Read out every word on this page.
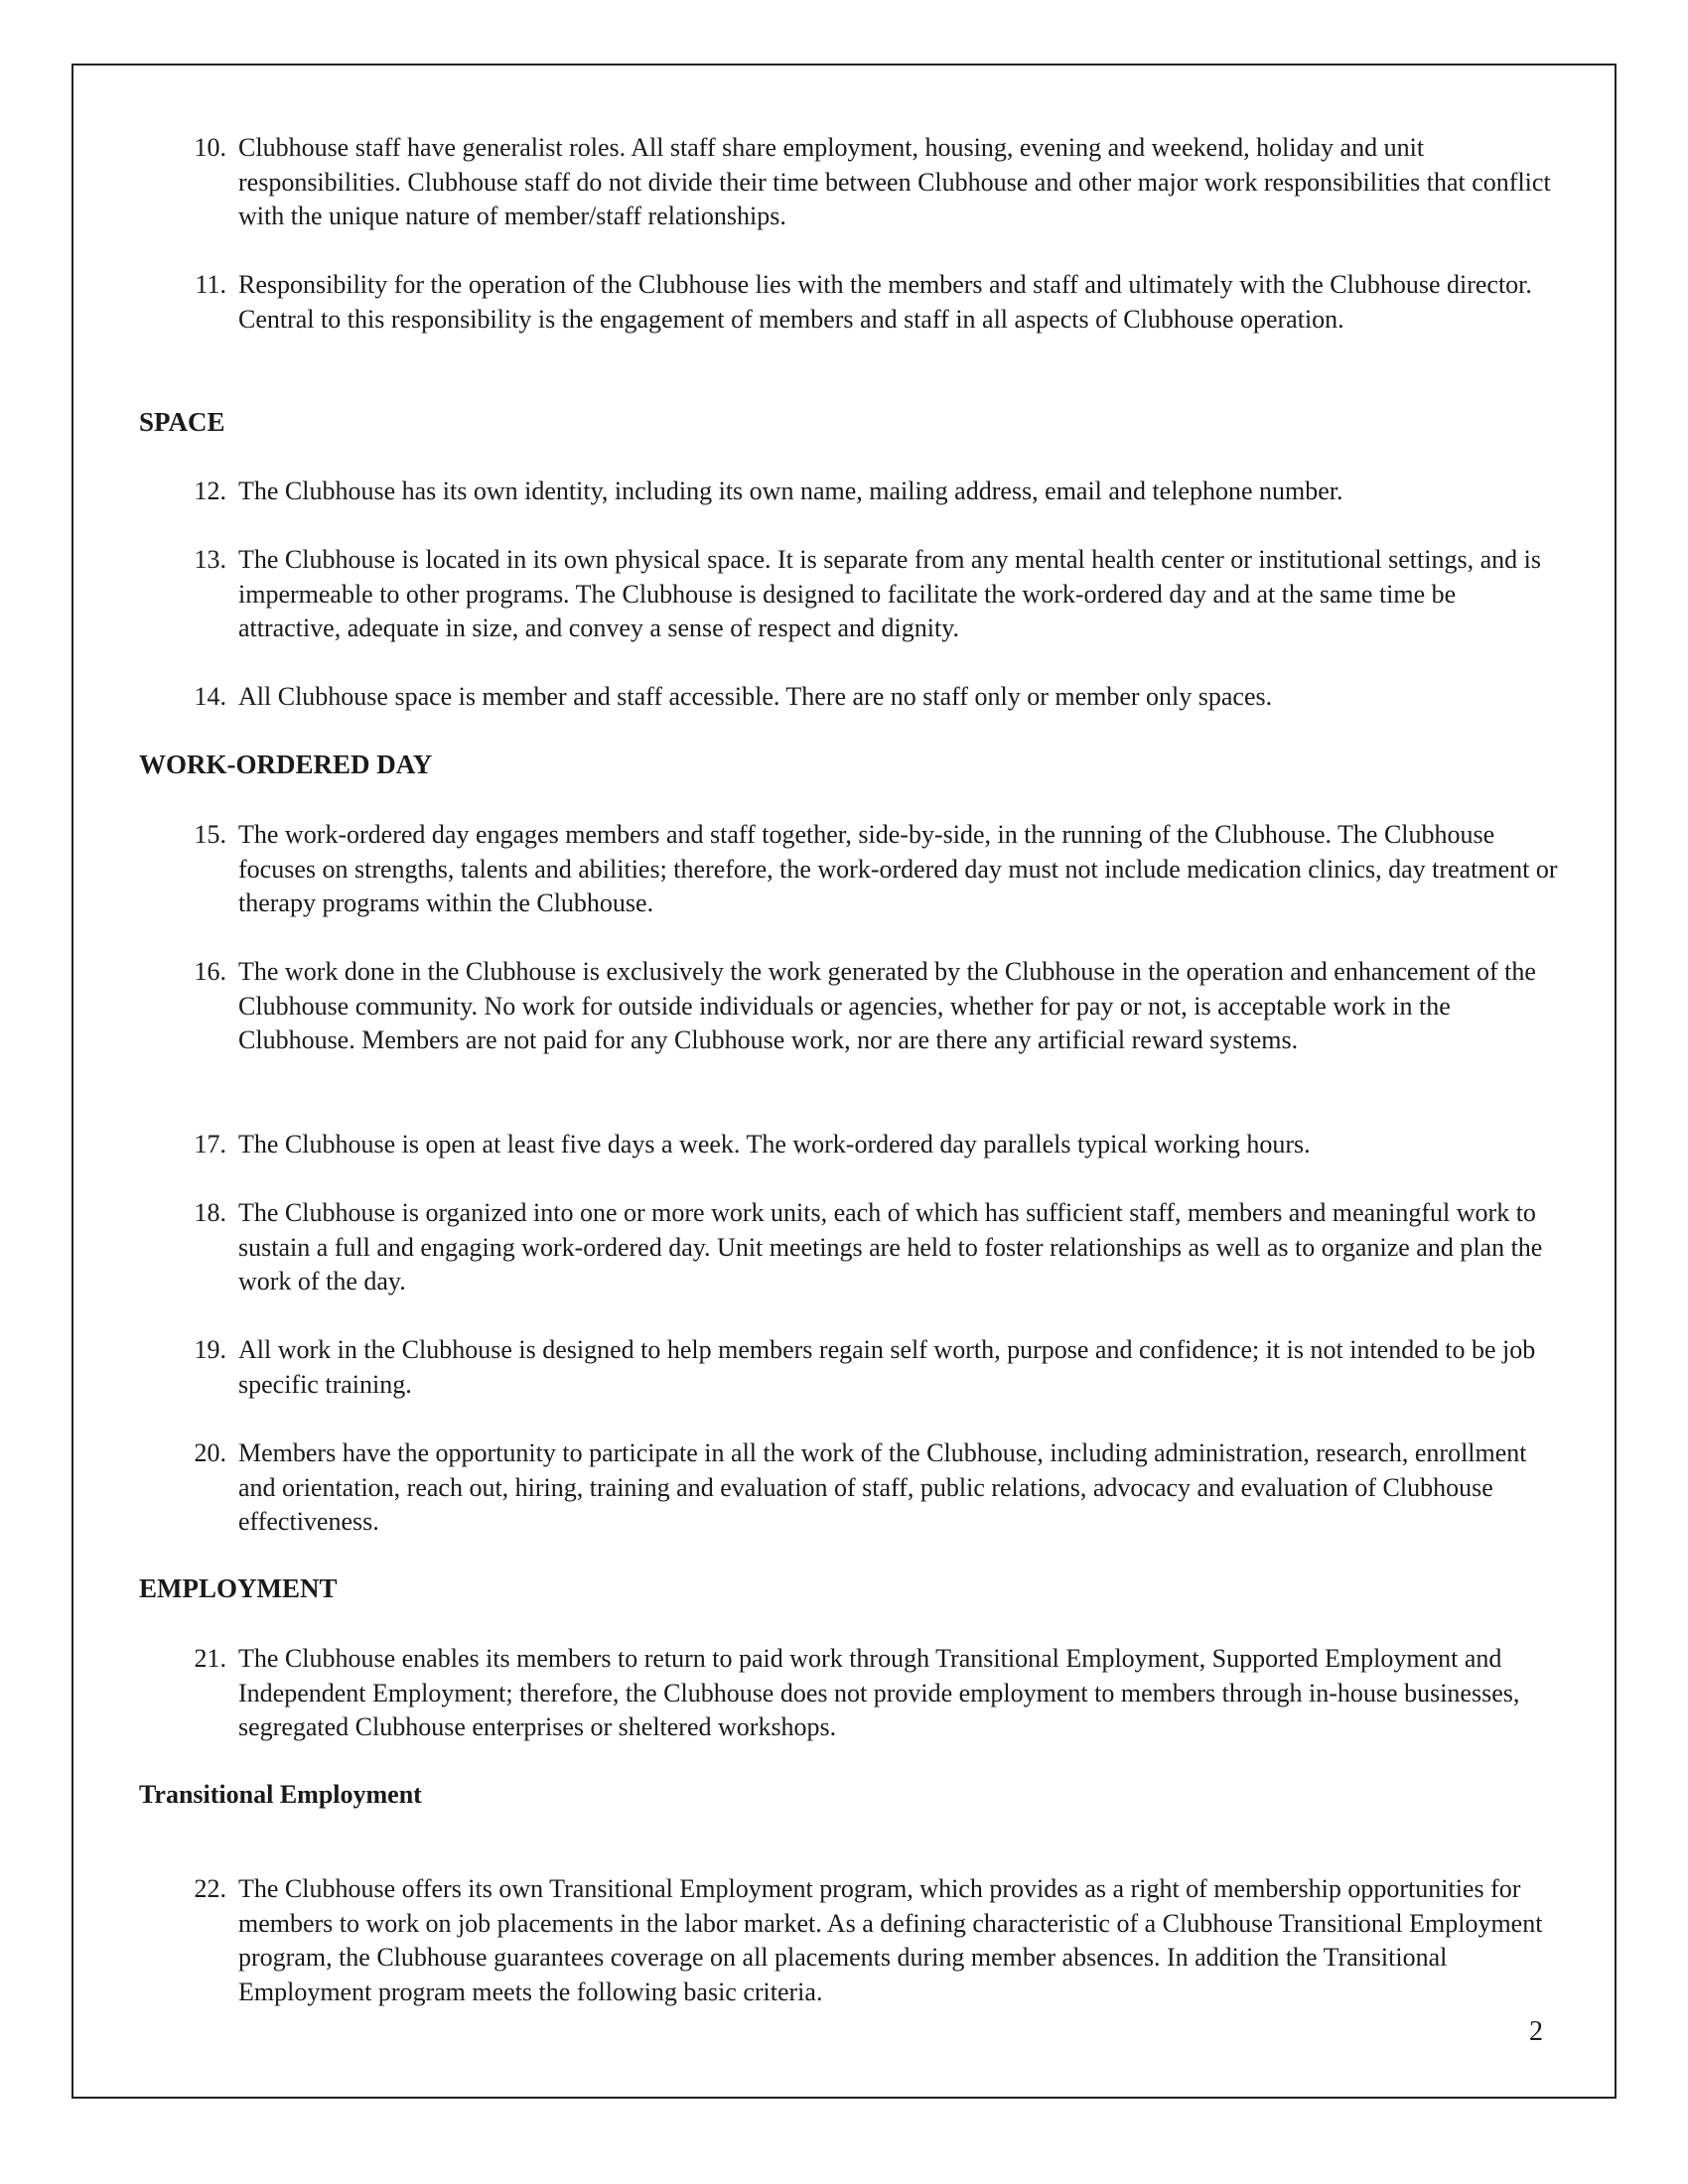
10. Clubhouse staff have generalist roles. All staff share employment, housing, evening and weekend, holiday and unit responsibilities. Clubhouse staff do not divide their time between Clubhouse and other major work responsibilities that conflict with the unique nature of member/staff relationships.
11. Responsibility for the operation of the Clubhouse lies with the members and staff and ultimately with the Clubhouse director. Central to this responsibility is the engagement of members and staff in all aspects of Clubhouse operation.
SPACE
12. The Clubhouse has its own identity, including its own name, mailing address, email and telephone number.
13. The Clubhouse is located in its own physical space. It is separate from any mental health center or institutional settings, and is impermeable to other programs. The Clubhouse is designed to facilitate the work-ordered day and at the same time be attractive, adequate in size, and convey a sense of respect and dignity.
14. All Clubhouse space is member and staff accessible. There are no staff only or member only spaces.
WORK-ORDERED DAY
15. The work-ordered day engages members and staff together, side-by-side, in the running of the Clubhouse. The Clubhouse focuses on strengths, talents and abilities; therefore, the work-ordered day must not include medication clinics, day treatment or therapy programs within the Clubhouse.
16. The work done in the Clubhouse is exclusively the work generated by the Clubhouse in the operation and enhancement of the Clubhouse community. No work for outside individuals or agencies, whether for pay or not, is acceptable work in the Clubhouse. Members are not paid for any Clubhouse work, nor are there any artificial reward systems.
17. The Clubhouse is open at least five days a week. The work-ordered day parallels typical working hours.
18. The Clubhouse is organized into one or more work units, each of which has sufficient staff, members and meaningful work to sustain a full and engaging work-ordered day. Unit meetings are held to foster relationships as well as to organize and plan the work of the day.
19. All work in the Clubhouse is designed to help members regain self worth, purpose and confidence; it is not intended to be job specific training.
20. Members have the opportunity to participate in all the work of the Clubhouse, including administration, research, enrollment and orientation, reach out, hiring, training and evaluation of staff, public relations, advocacy and evaluation of Clubhouse effectiveness.
EMPLOYMENT
21. The Clubhouse enables its members to return to paid work through Transitional Employment, Supported Employment and Independent Employment; therefore, the Clubhouse does not provide employment to members through in-house businesses, segregated Clubhouse enterprises or sheltered workshops.
Transitional Employment
22. The Clubhouse offers its own Transitional Employment program, which provides as a right of membership opportunities for members to work on job placements in the labor market. As a defining characteristic of a Clubhouse Transitional Employment program, the Clubhouse guarantees coverage on all placements during member absences. In addition the Transitional Employment program meets the following basic criteria.
2
